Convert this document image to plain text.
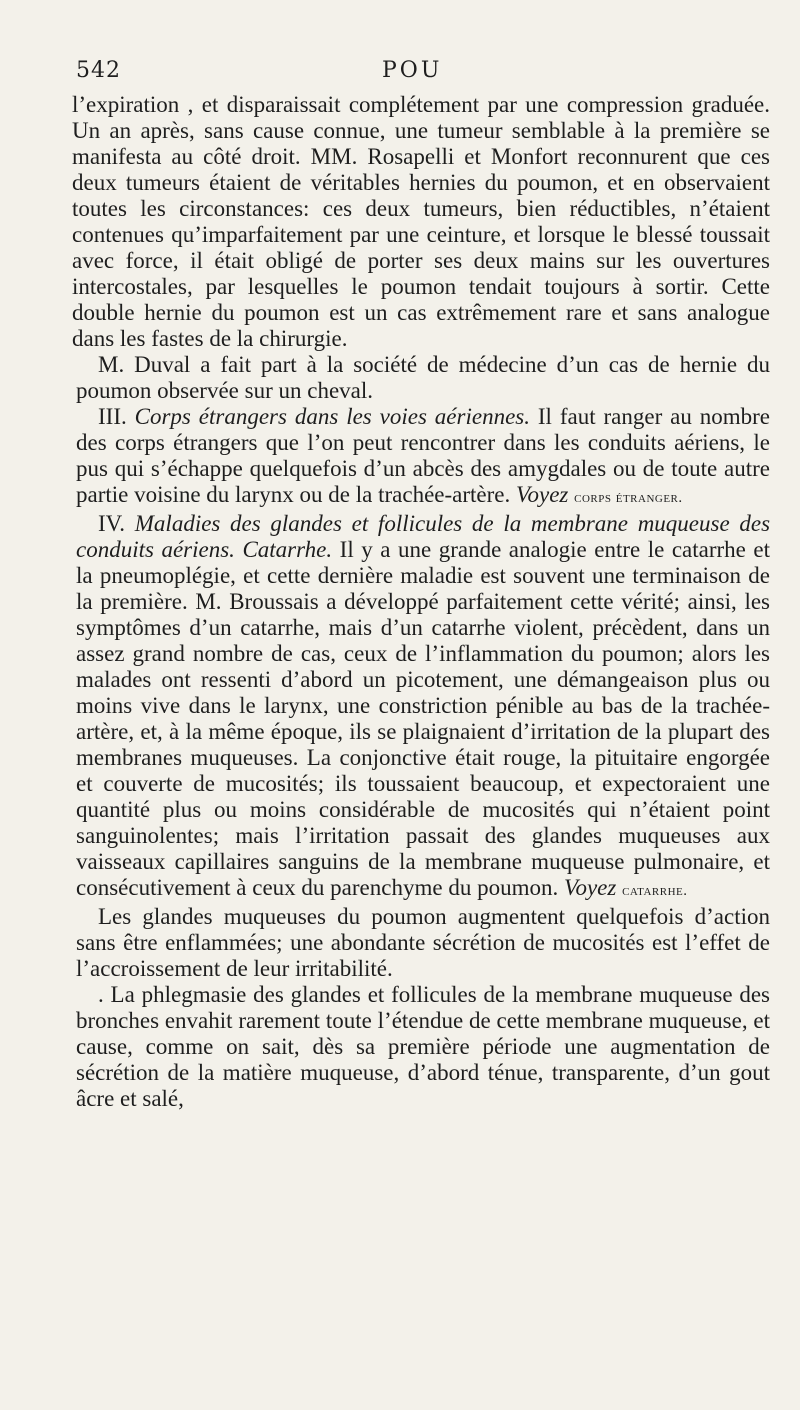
542	POU

l’expiration , et disparaissait complétement par une compression graduée. Un an après, sans cause connue, une tumeur semblable à la première se manifesta au côté droit. MM. Rosapelli et Monfort reconnurent que ces deux tumeurs étaient de véritables hernies du poumon, et en observaient toutes les circonstances: ces deux tumeurs, bien réductibles, n’étaient contenues qu’imparfaitement par une ceinture, et lorsque le blessé toussait avec force, il était obligé de porter ses deux mains sur les ouvertures intercostales, par lesquelles le poumon tendait toujours à sortir. Cette double hernie du poumon est un cas extrêmement rare et sans analogue dans les fastes de la chirurgie.

M. Duval a fait part à la société de médecine d’un cas de hernie du poumon observée sur un cheval.

III. Corps étrangers dans les voies aériennes. Il faut ranger au nombre des corps étrangers que l’on peut rencontrer dans les conduits aériens, le pus qui s’échappe quelquefois d’un abcès des amygdales ou de toute autre partie voisine du larynx ou de la trachée-artère. Voyez corps étranger.

IV. Maladies des glandes et follicules de la membrane muqueuse des conduits aériens. Catarrhe. Il y a une grande analogie entre le catarrhe et la pneumoplégie, et cette dernière maladie est souvent une terminaison de la première. M. Broussais a développé parfaitement cette vérité; ainsi, les symptômes d’un catarrhe, mais d’un catarrhe violent, précèdent, dans un assez grand nombre de cas, ceux de l’inflammation du poumon; alors les malades ont ressenti d’abord un picotement, une démangeaison plus ou moins vive dans le larynx, une constriction pénible au bas de la trachée-artère, et, à la même époque, ils se plaignaient d’irritation de la plupart des membranes muqueuses. La conjonctive était rouge, la pituitaire engorgée et couverte de mucosités; ils toussaient beaucoup, et expectoraient une quantité plus ou moins considérable de mucosités qui n’étaient point sanguinolentes; mais l’irritation passait des glandes muqueuses aux vaisseaux capillaires sanguins de la membrane muqueuse pulmonaire, et consécutivement à ceux du parenchyme du poumon. Voyez catarrhe.

Les glandes muqueuses du poumon augmentent quelquefois d’action sans être enflammées; une abondante sécrétion de mucosités est l’effet de l’accroissement de leur irritabilité.

. La phlegmasie des glandes et follicules de la membrane muqueuse des bronches envahit rarement toute l’étendue de cette membrane muqueuse, et cause, comme on sait, dès sa première période une augmentation de sécrétion de la matière muqueuse, d’abord ténue, transparente, d’un gout âcre et salé,
